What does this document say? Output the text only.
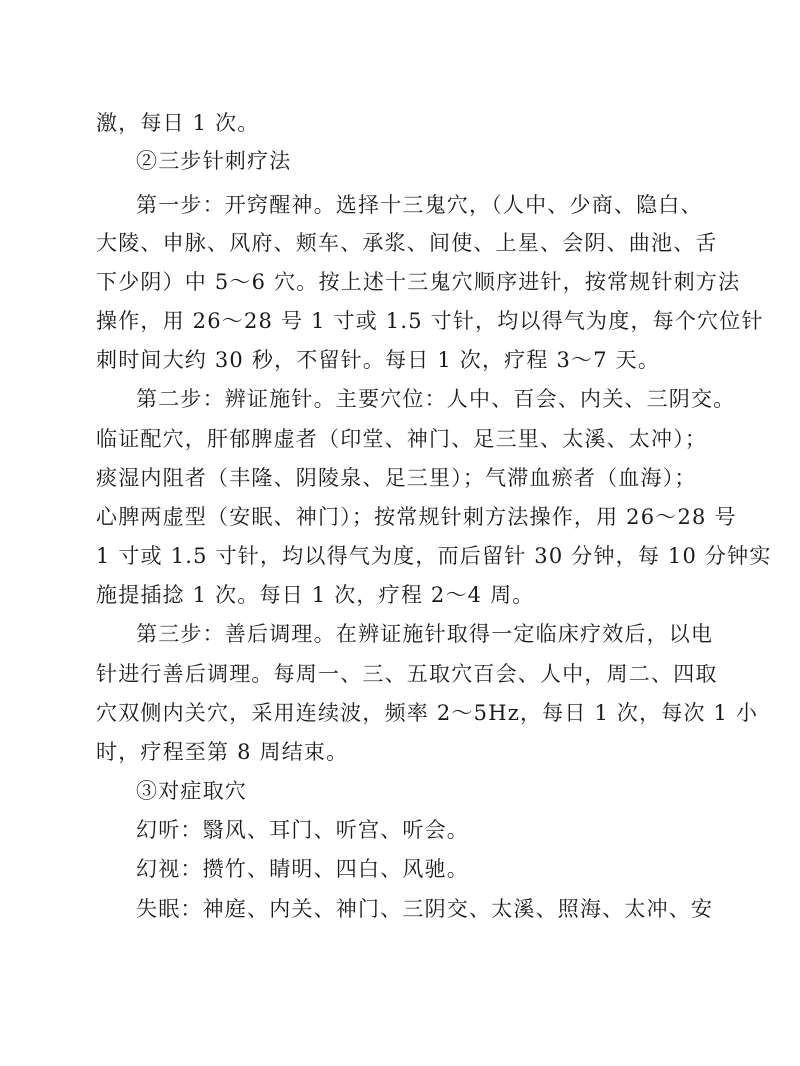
激，每日 1 次。
②三步针刺疗法
第一步：开窍醒神。选择十三鬼穴，（人中、少商、隐白、
大陵、申脉、风府、颊车、承浆、间使、上星、会阴、曲池、舌
下少阴）中 5～6 穴。按上述十三鬼穴顺序进针，按常规针刺方法
操作，用 26～28 号 1 寸或 1.5 寸针，均以得气为度，每个穴位针
刺时间大约 30 秒，不留针。每日 1 次，疗程 3～7 天。
第二步：辨证施针。主要穴位：人中、百会、内关、三阴交。
临证配穴，肝郁脾虚者（印堂、神门、足三里、太溪、太冲）；
痰湿内阻者（丰隆、阴陵泉、足三里）；气滞血瘀者（血海）；
心脾两虚型（安眠、神门）；按常规针刺方法操作，用 26～28 号
1 寸或 1.5 寸针，均以得气为度，而后留针 30 分钟，每 10 分钟实
施提插捻 1 次。每日 1 次，疗程 2～4 周。
第三步：善后调理。在辨证施针取得一定临床疗效后，以电
针进行善后调理。每周一、三、五取穴百会、人中，周二、四取
穴双侧内关穴，采用连续波，频率 2～5Hz，每日 1 次，每次 1 小
时，疗程至第 8 周结束。
③对症取穴
幻听：翳风、耳门、听宫、听会。
幻视：攒竹、睛明、四白、风驰。
失眠：神庭、内关、神门、三阴交、太溪、照海、太冲、安
